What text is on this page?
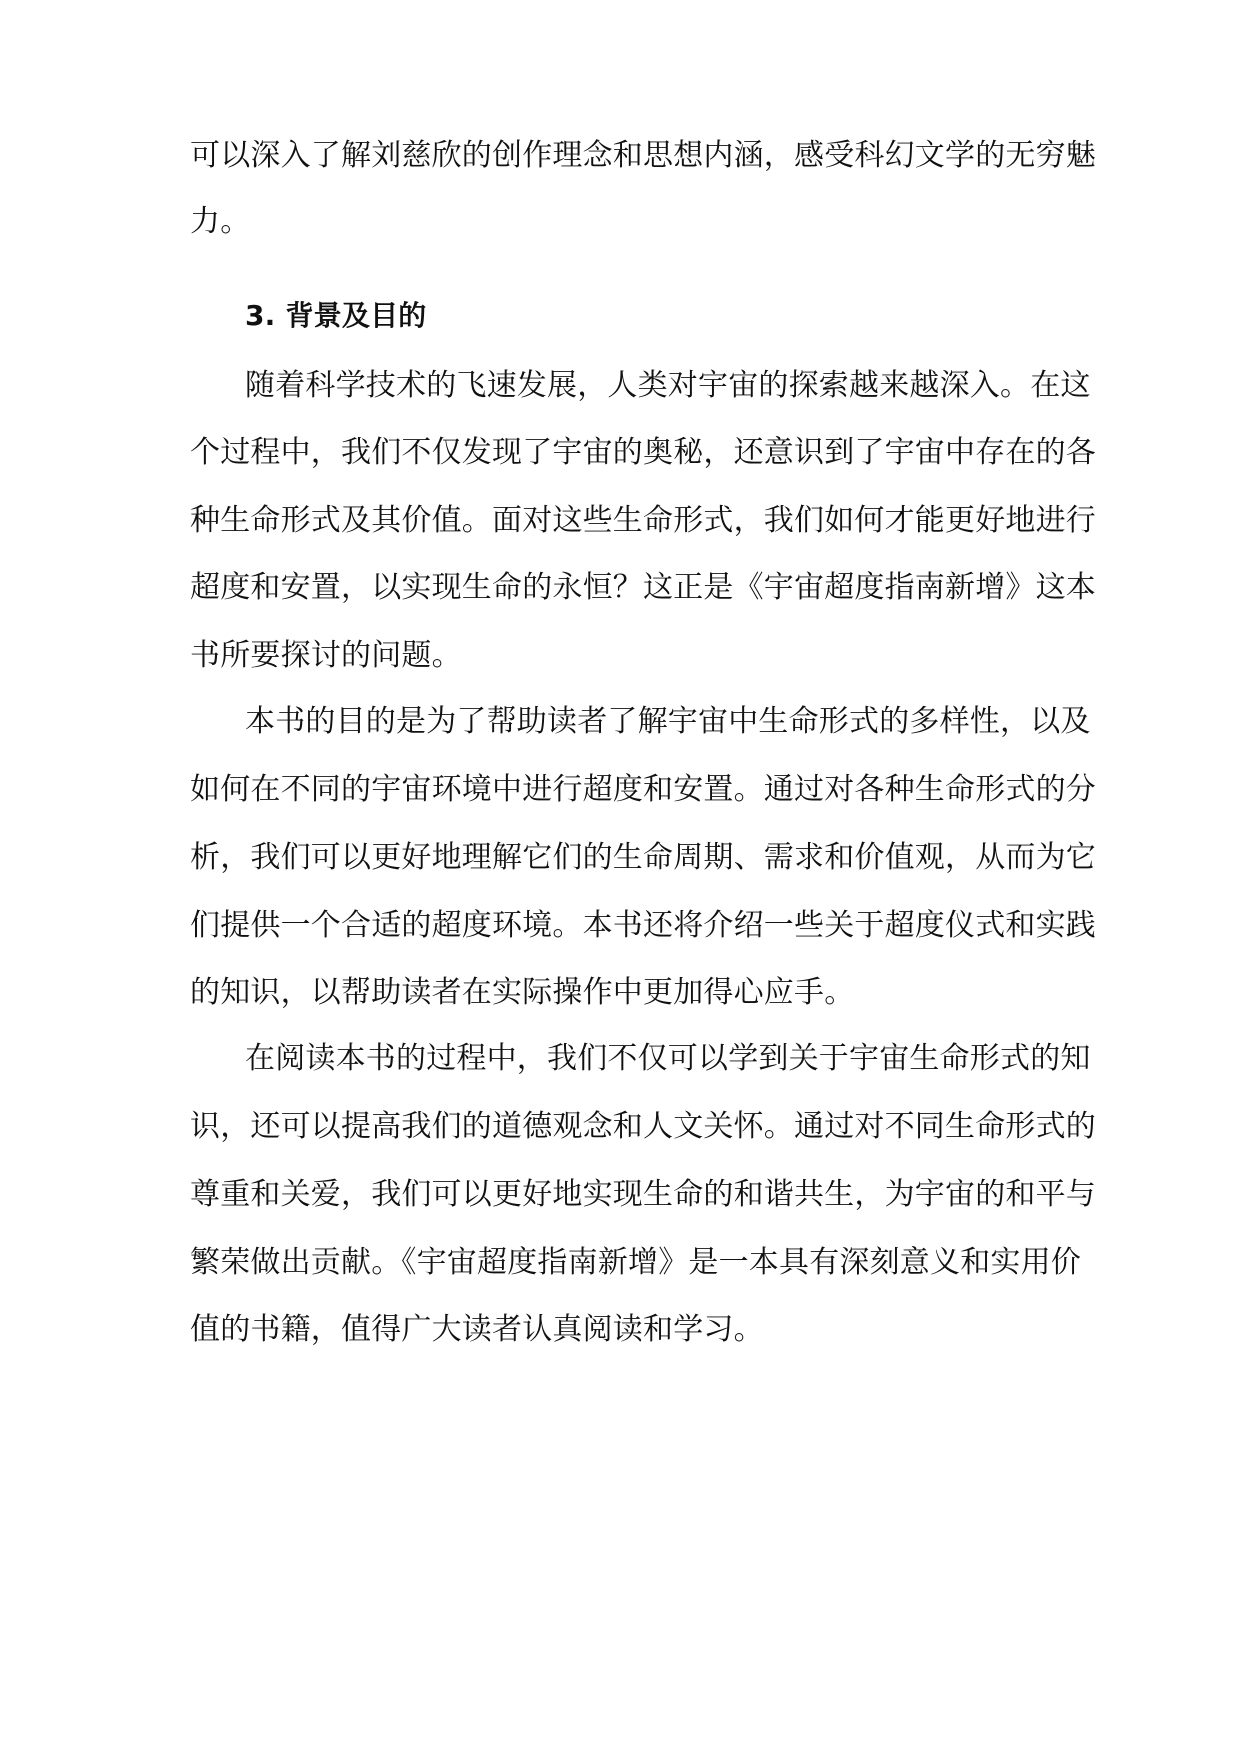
可以深入了解刘慈欣的创作理念和思想内涵，感受科幻文学的无穷魅
力。
3. 背景及目的
随着科学技术的飞速发展，人类对宇宙的探索越来越深入。在这
个过程中，我们不仅发现了宇宙的奥秘，还意识到了宇宙中存在的各
种生命形式及其价值。面对这些生命形式，我们如何才能更好地进行
超度和安置，以实现生命的永恒？这正是《宇宙超度指南新增》这本
书所要探讨的问题。
本书的目的是为了帮助读者了解宇宙中生命形式的多样性，以及
如何在不同的宇宙环境中进行超度和安置。通过对各种生命形式的分
析，我们可以更好地理解它们的生命周期、需求和价值观，从而为它
们提供一个合适的超度环境。本书还将介绍一些关于超度仪式和实践
的知识，以帮助读者在实际操作中更加得心应手。
在阅读本书的过程中，我们不仅可以学到关于宇宙生命形式的知
识，还可以提高我们的道德观念和人文关怀。通过对不同生命形式的
尊重和关爱，我们可以更好地实现生命的和谐共生，为宇宙的和平与
繁荣做出贡献。《宇宙超度指南新增》是一本具有深刻意义和实用价
值的书籍，值得广大读者认真阅读和学习。
